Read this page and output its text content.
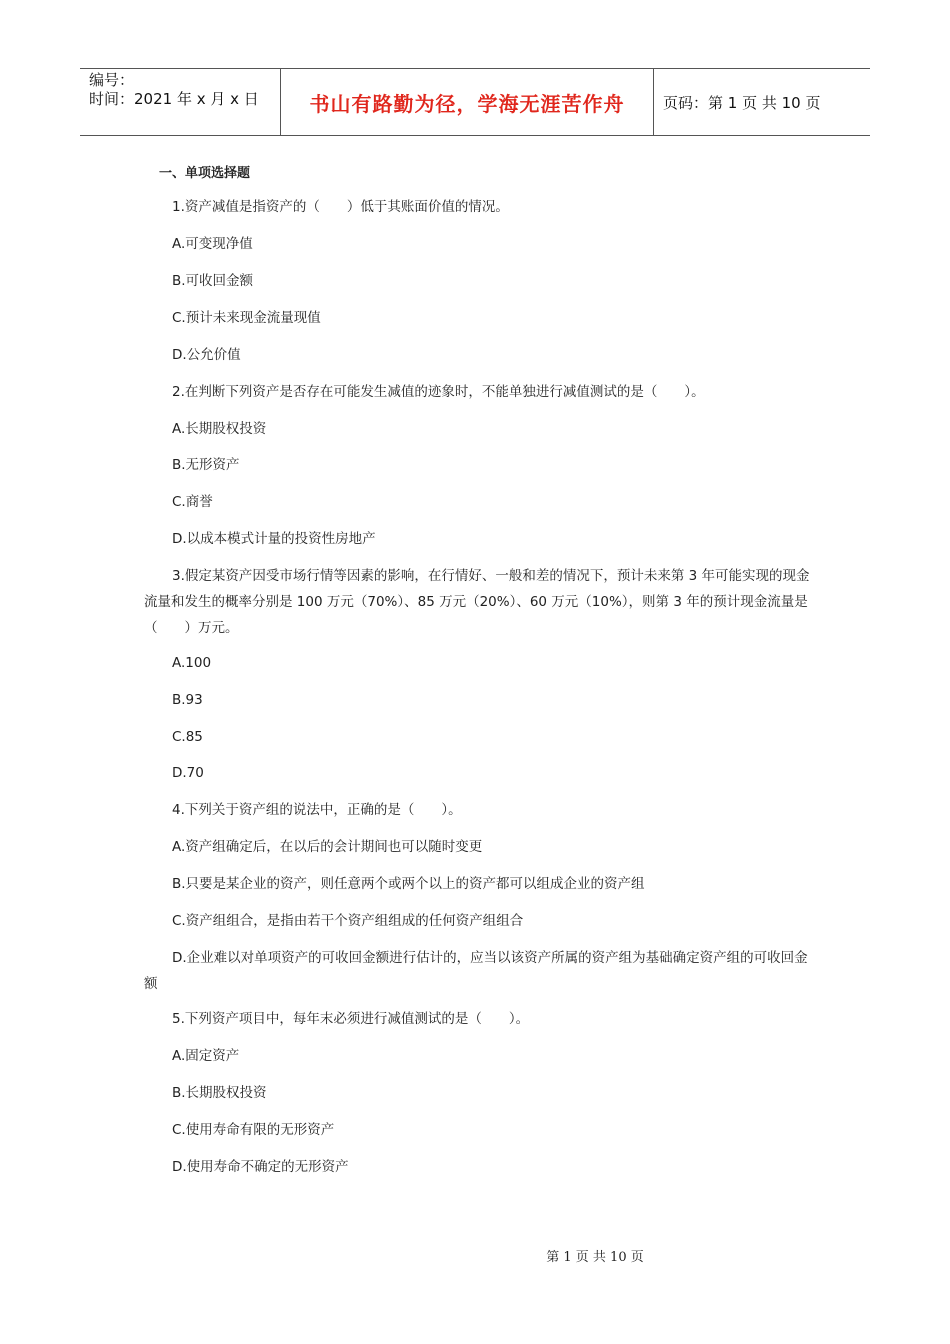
编号：
时间：2021 年 x 月 x 日	书山有路勤为径，学海无涯苦作舟	页码：第 1 页 共 10 页
一、单项选择题
1.资产减值是指资产的（　　）低于其账面价值的情况。
A.可变现净值
B.可收回金额
C.预计未来现金流量现值
D.公允价值
2.在判断下列资产是否存在可能发生减值的迹象时，不能单独进行减值测试的是（　　）。
A.长期股权投资
B.无形资产
C.商誉
D.以成本模式计量的投资性房地产
3.假定某资产因受市场行情等因素的影响，在行情好、一般和差的情况下，预计未来第 3 年可能实现的现金流量和发生的概率分别是 100 万元（70%）、85 万元（20%）、60 万元（10%），则第 3 年的预计现金流量是（　　）万元。
A.100
B.93
C.85
D.70
4.下列关于资产组的说法中，正确的是（　　）。
A.资产组确定后，在以后的会计期间也可以随时变更
B.只要是某企业的资产，则任意两个或两个以上的资产都可以组成企业的资产组
C.资产组组合，是指由若干个资产组组成的任何资产组组合
D.企业难以对单项资产的可收回金额进行估计的，应当以该资产所属的资产组为基础确定资产组的可收回金额
5.下列资产项目中，每年末必须进行减值测试的是（　　）。
A.固定资产
B.长期股权投资
C.使用寿命有限的无形资产
D.使用寿命不确定的无形资产
第 1 页 共 10 页
